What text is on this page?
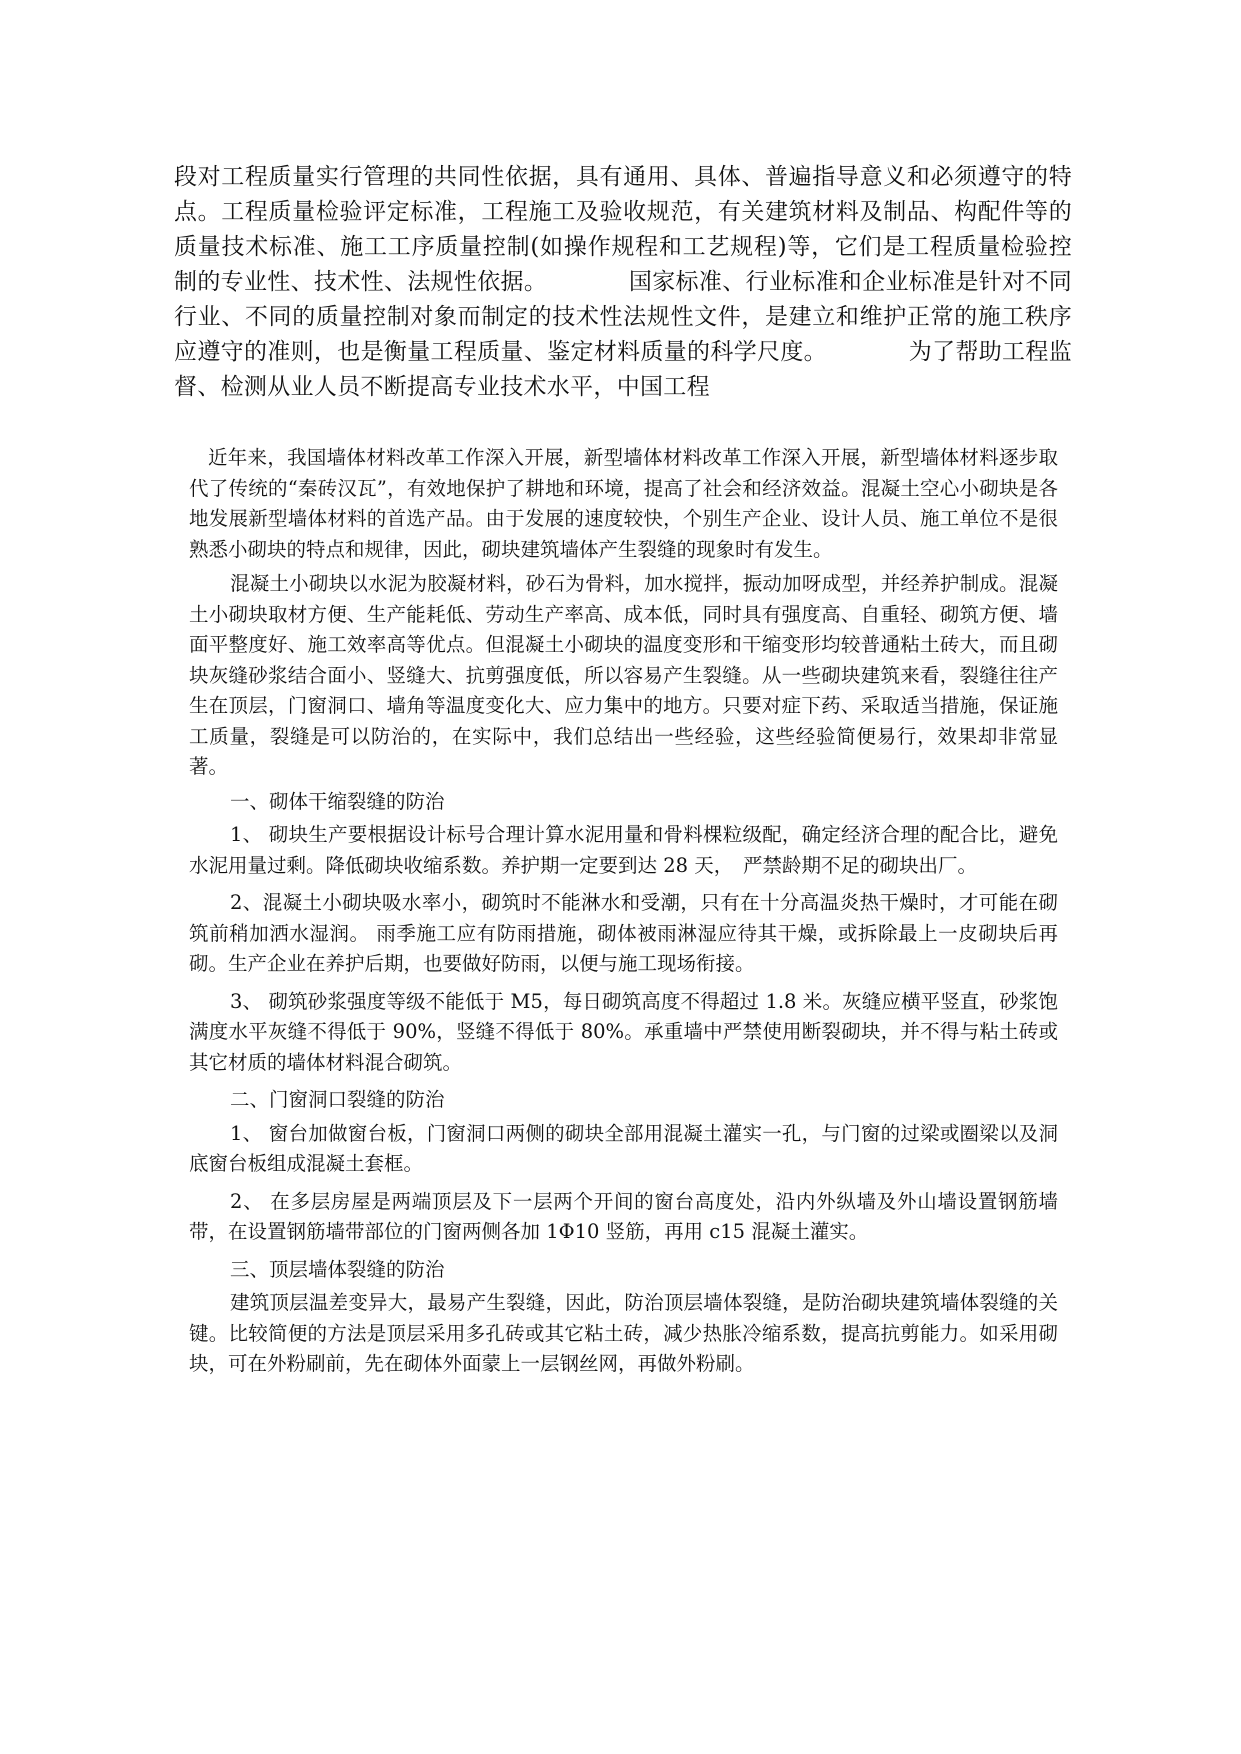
段对工程质量实行管理的共同性依据，具有通用、具体、普遍指导意义和必须遵守的特点。工程质量检验评定标准，工程施工及验收规范，有关建筑材料及制品、构配件等的质量技术标准、施工工序质量控制(如操作规程和工艺规程)等，它们是工程质量检验控制的专业性、技术性、法规性依据。　　　　国家标准、行业标准和企业标准是针对不同行业、不同的质量控制对象而制定的技术性法规性文件，是建立和维护正常的施工秩序应遵守的准则，也是衡量工程质量、鉴定材料质量的科学尺度。　　　　为了帮助工程监督、检测从业人员不断提高专业技术水平，中国工程

近年来，我国墙体材料改革工作深入开展，新型墙体材料改革工作深入开展，新型墙体材料逐步取代了传统的“秦砖汉瓦”，有效地保护了耕地和环境，提高了社会和经济效益。混凝土空心小砌块是各地发展新型墙体材料的首选产品。由于发展的速度较快，个别生产企业、设计人员、施工单位不是很熟悉小砌块的特点和规律，因此，砌块建筑墙体产生裂缝的现象时有发生。

混凝土小砌块以水泥为胶凝材料，砂石为骨料，加水搅拌，振动加呀成型，并经养护制成。混凝土小砌块取材方便、生产能耗低、劳动生产率高、成本低，同时具有强度高、自重轻、砌筑方便、墙面平整度好、施工效率高等优点。但混凝土小砌块的温度变形和干缩变形均较普通粘土砖大，而且砌块灰缝砂浆结合面小、竖缝大、抗剪强度低，所以容易产生裂缝。从一些砌块建筑来看，裂缝往往产生在顶层，门窗洞口、墙角等温度变化大、应力集中的地方。只要对症下药、采取适当措施，保证施工质量，裂缝是可以防治的，在实际中，我们总结出一些经验，这些经验简便易行，效果却非常显著。

一、砌体干缩裂缝的防治

1、 砌块生产要根据设计标号合理计算水泥用量和骨料棵粒级配，确定经济合理的配合比，避免水泥用量过剩。降低砌块收缩系数。养护期一定要到达 28 天，　严禁龄期不足的砌块出厂。

2、混凝土小砌块吸水率小，砌筑时不能淋水和受潮，只有在十分高温炎热干燥时，才可能在砌筑前稍加洒水湿润。 雨季施工应有防雨措施，砌体被雨淋湿应待其干燥，或拆除最上一皮砌块后再砌。生产企业在养护后期，也要做好防雨，以便与施工现场衔接。

3、 砌筑砂浆强度等级不能低于 M5，每日砌筑高度不得超过 1.8 米。灰缝应横平竖直，砂浆饱满度水平灰缝不得低于 90%，竖缝不得低于 80%。承重墙中严禁使用断裂砌块，并不得与粘土砖或其它材质的墙体材料混合砌筑。

二、门窗洞口裂缝的防治

1、 窗台加做窗台板，门窗洞口两侧的砌块全部用混凝土灌实一孔，与门窗的过梁或圈梁以及洞底窗台板组成混凝土套框。

2、 在多层房屋是两端顶层及下一层两个开间的窗台高度处，沿内外纵墙及外山墙设置钢筋墙带，在设置钢筋墙带部位的门窗两侧各加 1Φ10 竖筋，再用 c15 混凝土灌实。

三、顶层墙体裂缝的防治

建筑顶层温差变异大，最易产生裂缝，因此，防治顶层墙体裂缝，是防治砌块建筑墙体裂缝的关键。比较简便的方法是顶层采用多孔砖或其它粘土砖，减少热胀冷缩系数，提高抗剪能力。如采用砌块，可在外粉刷前，先在砌体外面蒙上一层钢丝网，再做外粉刷。
